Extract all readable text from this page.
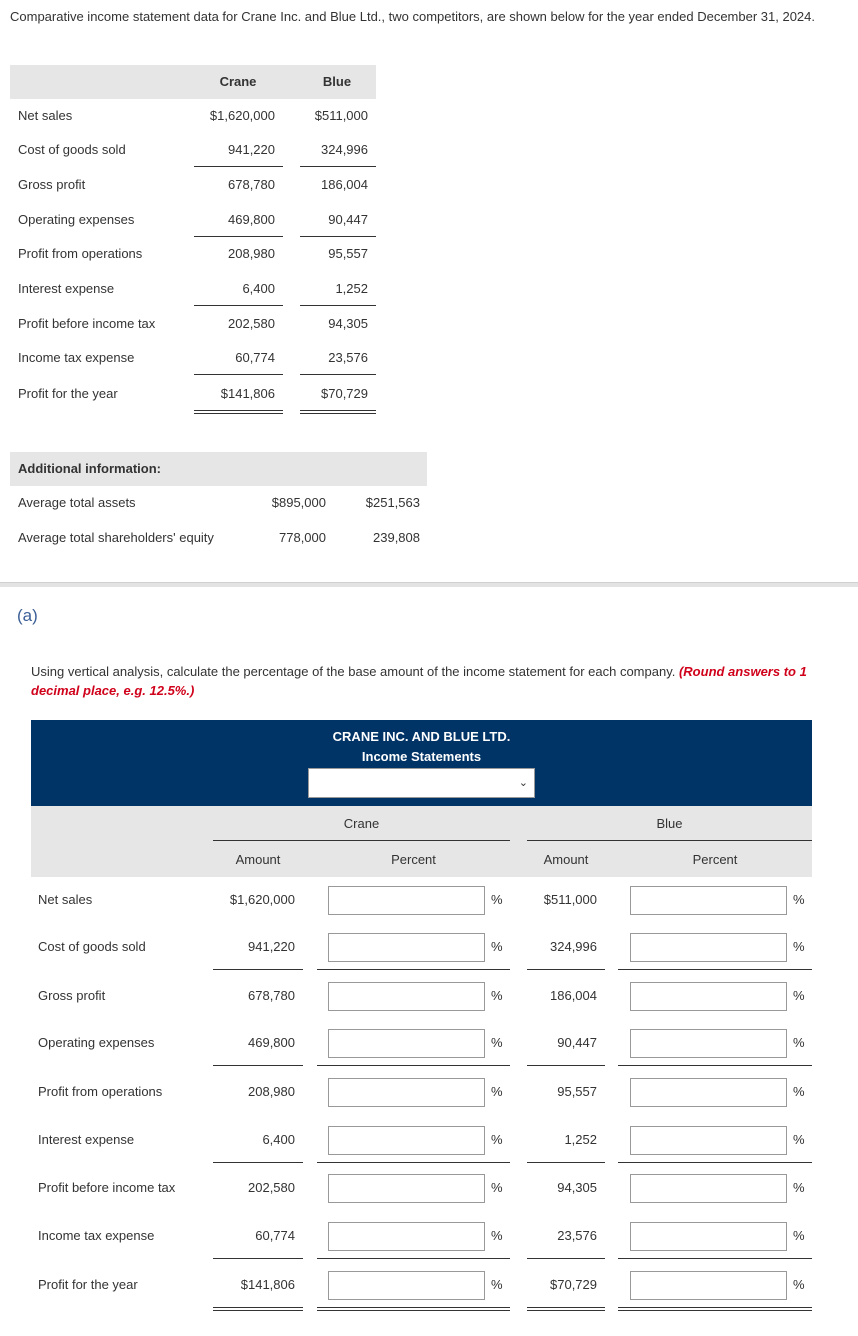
Comparative income statement data for Crane Inc. and Blue Ltd., two competitors, are shown below for the year ended December 31, 2024.
Crane	Blue
Net sales	$1,620,000	$511,000
Cost of goods sold	941,220	324,996
Gross profit	678,780	186,004
Operating expenses	469,800	90,447
Profit from operations	208,980	95,557
Interest expense	6,400	1,252
Profit before income tax	202,580	94,305
Income tax expense	60,774	23,576
Profit for the year	$141,806	$70,729
Additional information:
Average total assets	$895,000	$251,563
Average total shareholders' equity	778,000	239,808
(a)
Using vertical analysis, calculate the percentage of the base amount of the income statement for each company. (Round answers to 1 decimal place, e.g. 12.5%.)
CRANE INC. AND BLUE LTD.
Income Statements
⌄
Crane	Blue
Amount	Percent	Amount	Percent
Net sales	$1,620,000	%	$511,000	%
Cost of goods sold	941,220	%	324,996	%
Gross profit	678,780	%	186,004	%
Operating expenses	469,800	%	90,447	%
Profit from operations	208,980	%	95,557	%
Interest expense	6,400	%	1,252	%
Profit before income tax	202,580	%	94,305	%
Income tax expense	60,774	%	23,576	%
Profit for the year	$141,806	%	$70,729	%
